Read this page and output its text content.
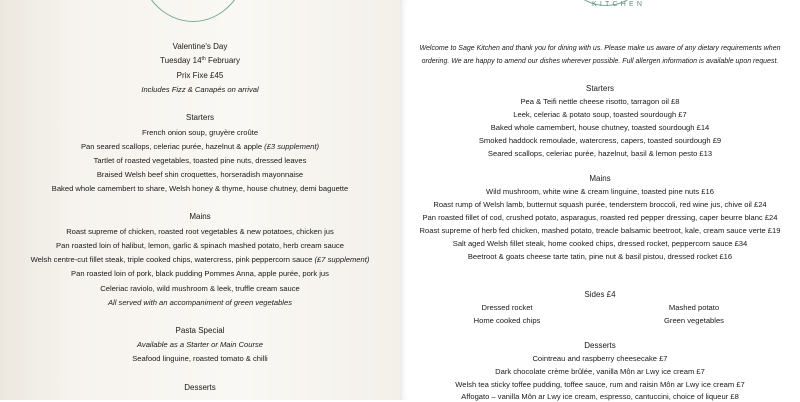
Valentine's Day
Tuesday 14th February
Prix Fixe £45
Includes Fizz & Canapés on arrival
Starters
French onion soup, gruyère croûte
Pan seared scallops, celeriac purée, hazelnut & apple (£3 supplement)
Tartlet of roasted vegetables, toasted pine nuts, dressed leaves
Braised Welsh beef shin croquettes, horseradish mayonnaise
Baked whole camembert to share, Welsh honey & thyme, house chutney, demi baguette
Mains
Roast supreme of chicken, roasted root vegetables & new potatoes, chicken jus
Pan roasted loin of halibut, lemon, garlic & spinach mashed potato, herb cream sauce
Welsh centre-cut fillet steak, triple cooked chips, watercress, pink peppercorn sauce (£7 supplement)
Pan roasted loin of pork, black pudding Pommes Anna, apple purée, pork jus
Celeriac raviolo, wild mushroom & leek, truffle cream sauce
All served with an accompaniment of green vegetables
Pasta Special
Available as a Starter or Main Course
Seafood linguine, roasted tomato & chilli
Desserts
KITCHEN
Welcome to Sage Kitchen and thank you for dining with us. Please make us aware of any dietary requirements when
ordering. We are happy to amend our dishes wherever possible. Full allergen information is available upon request.
Starters
Pea & Teifi nettle cheese risotto, tarragon oil £8
Leek, celeriac & potato soup, toasted sourdough £7
Baked whole camembert, house chutney, toasted sourdough £14
Smoked haddock remoulade, watercress, capers, toasted sourdough £9
Seared scallops, celeriac purée, hazelnut, basil & lemon pesto £13
Mains
Wild mushroom, white wine & cream linguine, toasted pine nuts £16
Roast rump of Welsh lamb, butternut squash purée, tenderstem broccoli, red wine jus, chive oil £24
Pan roasted fillet of cod, crushed potato, asparagus, roasted red pepper dressing, caper beurre blanc £24
Roast supreme of herb fed chicken, mashed potato, treacle balsamic beetroot, kale, cream sauce verte £19
Salt aged Welsh fillet steak, home cooked chips, dressed rocket, peppercorn sauce £34
Beetroot & goats cheese tarte tatin, pine nut & basil pistou, dressed rocket £16
Sides £4
Dressed rocket	Mashed potato
Home cooked chips	Green vegetables
Desserts
Cointreau and raspberry cheesecake £7
Dark chocolate crème brûlée, vanilla Môn ar Lwy ice cream £7
Welsh tea sticky toffee pudding, toffee sauce, rum and raisin Môn ar Lwy ice cream £7
Affogato – vanilla Môn ar Lwy ice cream, espresso, cantuccini, choice of liqueur £8
